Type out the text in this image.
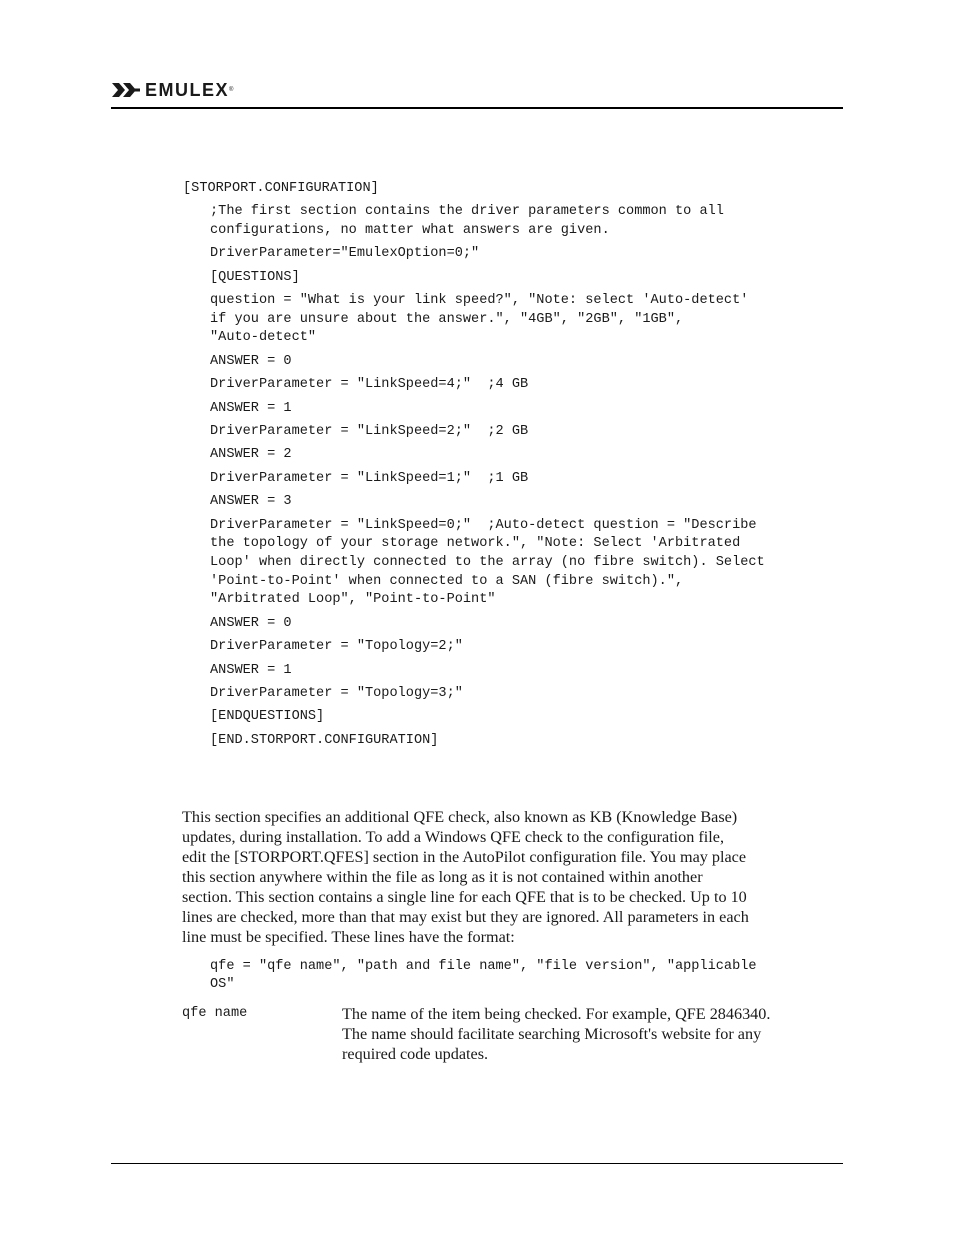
EMULEX ®
[STORPORT.CONFIGURATION]
;The first section contains the driver parameters common to all
configurations, no matter what answers are given.
DriverParameter="EmulexOption=0;"
[QUESTIONS]
question = "What is your link speed?", "Note: select 'Auto-detect'
if you are unsure about the answer.", "4GB", "2GB", "1GB",
"Auto-detect"
ANSWER = 0
DriverParameter = "LinkSpeed=4;"  ;4 GB
ANSWER = 1
DriverParameter = "LinkSpeed=2;"  ;2 GB
ANSWER = 2
DriverParameter = "LinkSpeed=1;"  ;1 GB
ANSWER = 3
DriverParameter = "LinkSpeed=0;"  ;Auto-detect question = "Describe
the topology of your storage network.", "Note: Select 'Arbitrated
Loop' when directly connected to the array (no fibre switch). Select
'Point-to-Point' when connected to a SAN (fibre switch).",
"Arbitrated Loop", "Point-to-Point"
ANSWER = 0
DriverParameter = "Topology=2;"
ANSWER = 1
DriverParameter = "Topology=3;"
[ENDQUESTIONS]
[END.STORPORT.CONFIGURATION]
This section specifies an additional QFE check, also known as KB (Knowledge Base)
updates, during installation. To add a Windows QFE check to the configuration file,
edit the [STORPORT.QFES] section in the AutoPilot configuration file. You may place
this section anywhere within the file as long as it is not contained within another
section. This section contains a single line for each QFE that is to be checked. Up to 10
lines are checked, more than that may exist but they are ignored. All parameters in each
line must be specified. These lines have the format:
qfe = "qfe name", "path and file name", "file version", "applicable
OS"
qfe name	The name of the item being checked. For example, QFE 2846340.
The name should facilitate searching Microsoft's website for any
required code updates.
